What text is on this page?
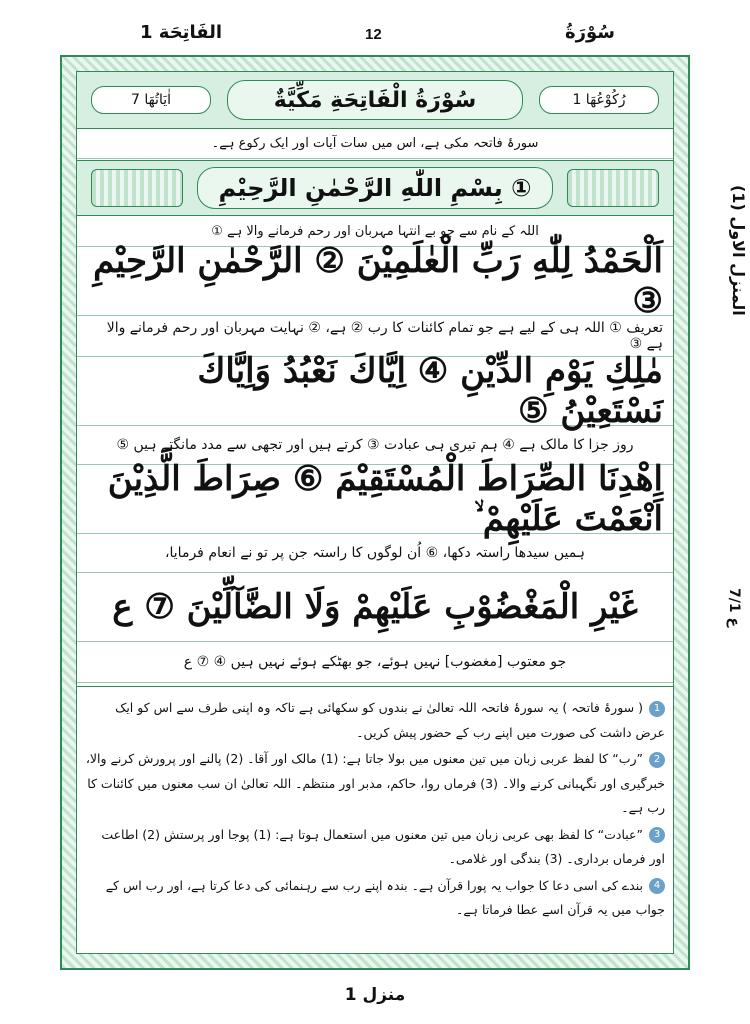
سُوْرَةُ
12
الفَاتِحَة 1
المنزل الاول (1)
ع 7/1
اٰیَاتُھَا 7	سُوْرَةُ الْفَاتِحَةِ مَكِّيَّةٌ	رُکُوْعُهَا 1
سورۂ فاتحہ مکی ہے، اس میں سات آیات اور ایک رکوع ہے۔
بِسْمِ اللّٰهِ الرَّحْمٰنِ الرَّحِيْمِ ①
اللہ کے نام سے جو بے انتہا مہربان اور رحم فرمانے والا ہے ①
اَلْحَمْدُ لِلّٰهِ رَبِّ الْعٰلَمِيْنَ ② الرَّحْمٰنِ الرَّحِيْمِ ③
تعریف ① اللہ ہی کے لیے ہے جو تمام کائنات کا رب ② ہے، ② نہایت مہربان اور رحم فرمانے والا ہے ③
مٰلِكِ يَوْمِ الدِّيْنِ ④ اِيَّاكَ نَعْبُدُ وَاِيَّاكَ نَسْتَعِيْنُ ⑤
روز جزا کا مالک ہے ④ ہم تیری ہی عبادت ③ کرتے ہیں اور تجھی سے مدد مانگتے ہیں ⑤
اِهْدِنَا الصِّرَاطَ الْمُسْتَقِيْمَ ⑥ صِرَاطَ الَّذِيْنَ اَنْعَمْتَ عَلَيْهِمْ ۙ
ہمیں سیدھا راستہ دکھا، ⑥ اُن لوگوں کا راستہ جن پر تو نے انعام فرمایا،
غَيْرِ الْمَغْضُوْبِ عَلَيْهِمْ وَلَا الضَّآلِّيْنَ ⑦ ع
جو معتوب [مغضوب] نہیں ہوئے، جو بھٹکے ہوئے نہیں ہیں ④ ⑦ ع
1( سورۂ فاتحہ ) یہ سورۂ فاتحہ اللہ تعالیٰ نے بندوں کو سکھائی ہے تاکہ وہ اپنی طرف سے اس کو ایک عرض داشت کی صورت میں اپنے رب کے حضور پیش کریں۔
2”رب“ کا لفظ عربی زبان میں تین معنوں میں بولا جاتا ہے: (1) مالک اور آقا۔ (2) پالنے اور پرورش کرنے والا، خبرگیری اور نگہبانی کرنے والا۔ (3) فرماں روا، حاکم، مدبر اور منتظم۔ اللہ تعالیٰ ان سب معنوں میں کائنات کا رب ہے۔
3”عبادت“ کا لفظ بھی عربی زبان میں تین معنوں میں استعمال ہوتا ہے: (1) پوجا اور پرستش (2) اطاعت اور فرماں برداری۔ (3) بندگی اور غلامی۔
4بندے کی اسی دعا کا جواب یہ پورا قرآن ہے۔ بندہ اپنے رب سے رہنمائی کی دعا کرتا ہے، اور رب اس کے جواب میں یہ قرآن اسے عطا فرماتا ہے۔
منزل 1
